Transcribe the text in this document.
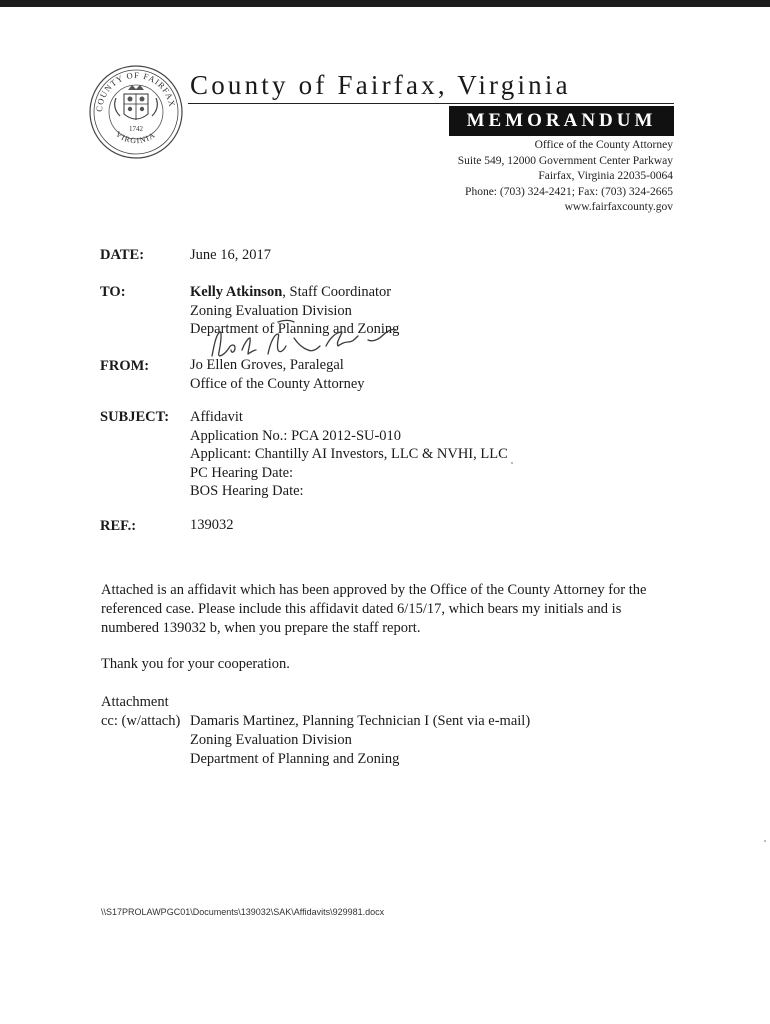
COUNTY OF FAIRFAX
VIRGINIA
1742
County of Fairfax, Virginia
MEMORANDUM
Office of the County Attorney
Suite 549, 12000 Government Center Parkway
Fairfax, Virginia 22035-0064
Phone: (703) 324-2421; Fax: (703) 324-2665
www.fairfaxcounty.gov
DATE:	June 16, 2017
TO:	Kelly Atkinson, Staff Coordinator
Zoning Evaluation Division
Department of Planning and Zoning
FROM:	Jo Ellen Groves, Paralegal
Office of the County Attorney
SUBJECT: Affidavit
Application No.: PCA 2012-SU-010
Applicant: Chantilly AI Investors, LLC & NVHI, LLC
PC Hearing Date:
BOS Hearing Date:
REF.:	139032
Attached is an affidavit which has been approved by the Office of the County Attorney for the referenced case. Please include this affidavit dated 6/15/17, which bears my initials and is numbered 139032 b, when you prepare the staff report.
Thank you for your cooperation.
Attachment
cc: (w/attach) Damaris Martinez, Planning Technician I (Sent via e-mail)
Zoning Evaluation Division
Department of Planning and Zoning
\\S17PROLAWPGC01\Documents\139032\SAK\Affidavits\929981.docx
